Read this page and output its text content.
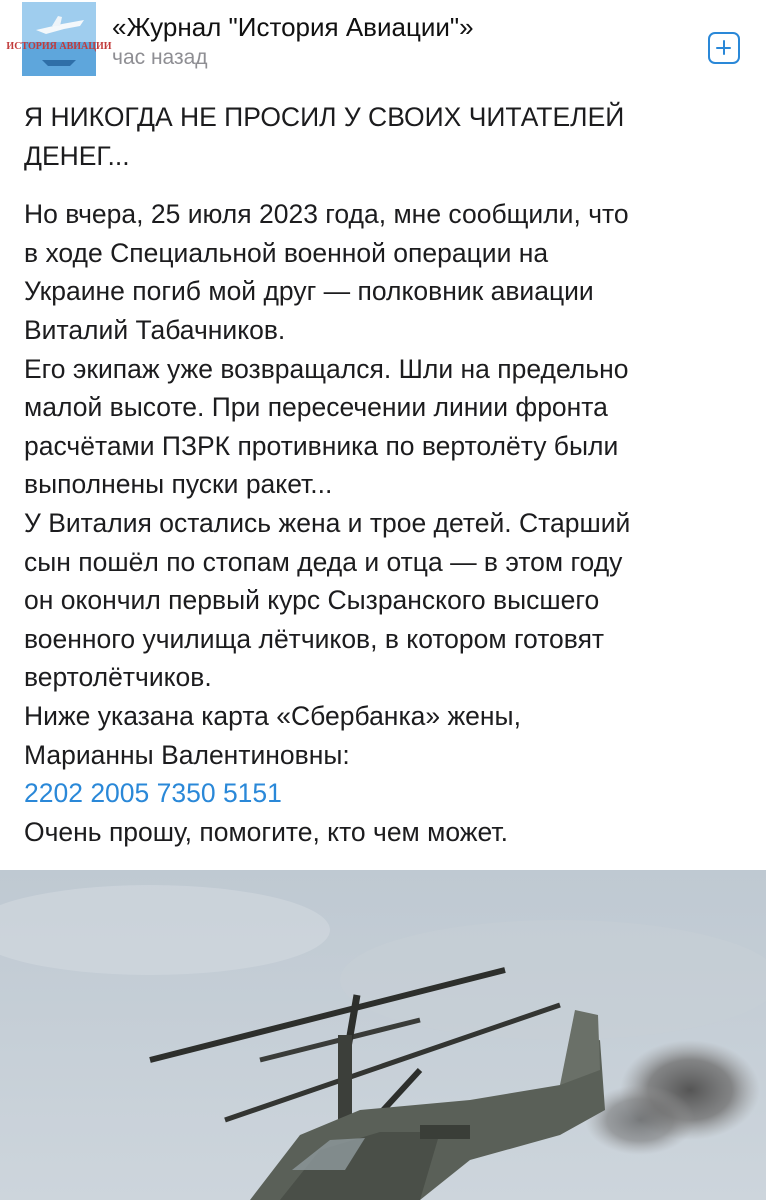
ИСТОРИЯ АВИАЦИИ
«Журнал "История Авиации"»
час назад

Я НИКОГДА НЕ ПРОСИЛ У СВОИХ ЧИТАТЕЛЕЙ

ДЕНЕГ...

Но вчера, 25 июля 2023 года, мне сообщили, что

в ходе Специальной военной операции на

Украине погиб мой друг — полковник авиации

Виталий Табачников.

Его экипаж уже возвращался. Шли на предельно

малой высоте. При пересечении линии фронта

расчётами ПЗРК противника по вертолёту были

выполнены пуски ракет...

У Виталия остались жена и трое детей. Старший

сын пошёл по стопам деда и отца — в этом году

он окончил первый курс Сызранского высшего

военного училища лётчиков, в котором готовят

вертолётчиков.

Ниже указана карта «Сбербанка» жены,

Марианны Валентиновны:

2202 2005 7350 5151

Очень прошу, помогите, кто чем может.
